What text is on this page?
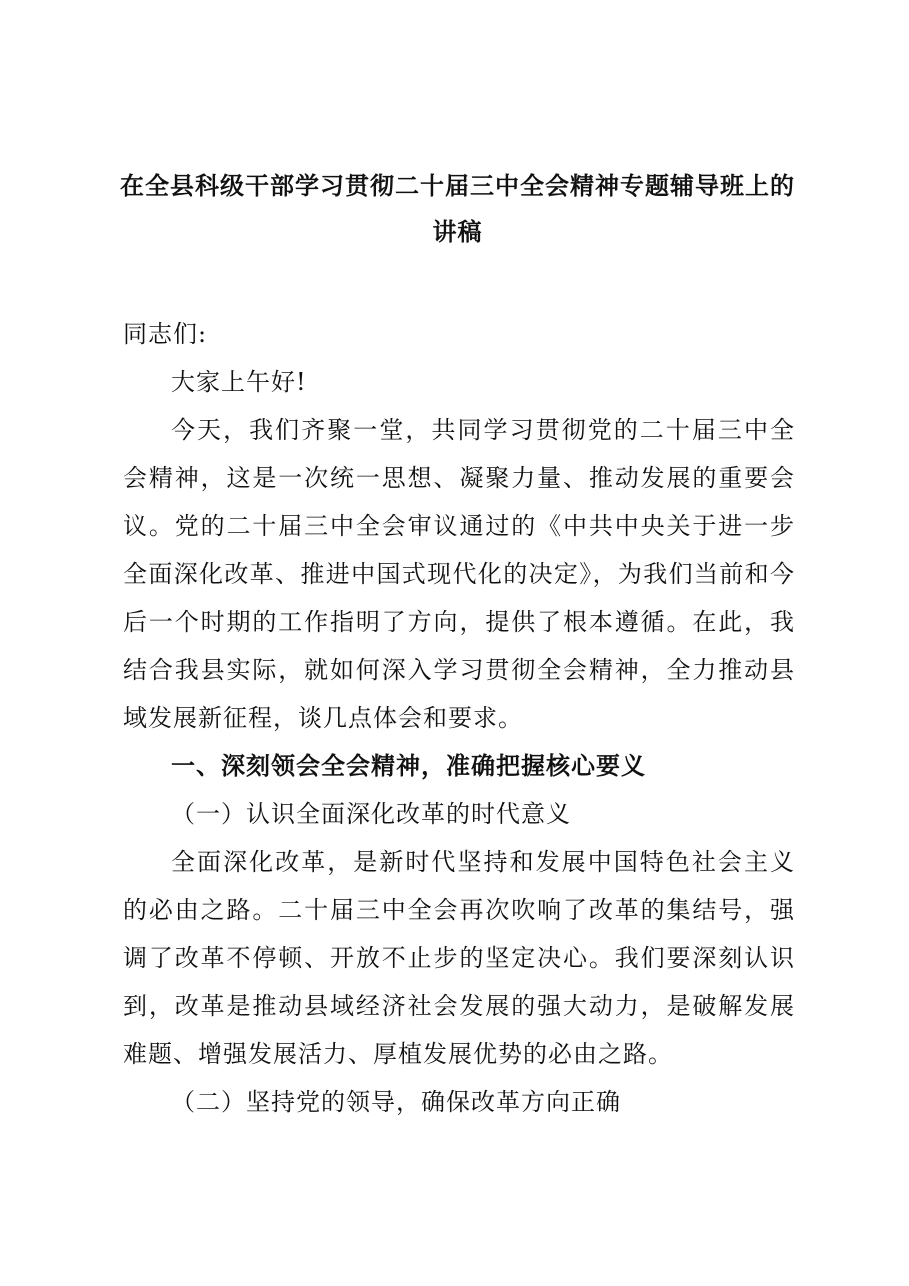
在全县科级干部学习贯彻二十届三中全会精神专题辅导班上的
讲稿

同志们:

大家上午好!

今天，我们齐聚一堂，共同学习贯彻党的二十届三中全会精神，这是一次统一思想、凝聚力量、推动发展的重要会议。党的二十届三中全会审议通过的《中共中央关于进一步全面深化改革、推进中国式现代化的决定》，为我们当前和今后一个时期的工作指明了方向，提供了根本遵循。在此，我结合我县实际，就如何深入学习贯彻全会精神，全力推动县域发展新征程，谈几点体会和要求。

一、深刻领会全会精神，准确把握核心要义

（一）认识全面深化改革的时代意义

全面深化改革，是新时代坚持和发展中国特色社会主义的必由之路。二十届三中全会再次吹响了改革的集结号，强调了改革不停顿、开放不止步的坚定决心。我们要深刻认识到，改革是推动县域经济社会发展的强大动力，是破解发展难题、增强发展活力、厚植发展优势的必由之路。

（二）坚持党的领导，确保改革方向正确
